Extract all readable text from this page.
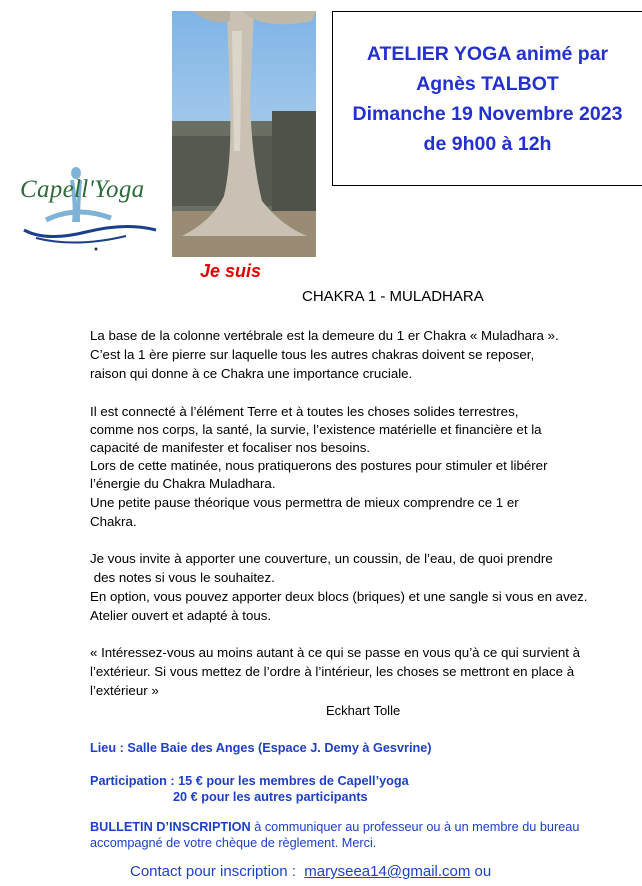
Capell'Yoga
ATELIER YOGA animé par
Agnès TALBOT
Dimanche 19 Novembre 2023
de 9h00 à 12h
Je suis
CHAKRA 1 - MULADHARA
La base de la colonne vertébrale est la demeure du 1 er Chakra « Muladhara ».
C’est la 1 ère pierre sur laquelle tous les autres chakras doivent se reposer,
raison qui donne à ce Chakra une importance cruciale.
Il est connecté à l’élément Terre et à toutes les choses solides terrestres,
comme nos corps, la santé, la survie, l’existence matérielle et financière et la
capacité de manifester et focaliser nos besoins.
Lors de cette matinée, nous pratiquerons des postures pour stimuler et libérer
l’énergie du Chakra Muladhara.
Une petite pause théorique vous permettra de mieux comprendre ce 1 er
Chakra.
Je vous invite à apporter une couverture, un coussin, de l’eau, de quoi prendre
des notes si vous le souhaitez.
En option, vous pouvez apporter deux blocs (briques) et une sangle si vous en avez.
Atelier ouvert et adapté à tous.
« Intéressez-vous au moins autant à ce qui se passe en vous qu’à ce qui survient à
l’extérieur. Si vous mettez de l’ordre à l’intérieur, les choses se mettront en place à
l’extérieur »
Eckhart Tolle
Lieu : Salle Baie des Anges (Espace J. Demy à Gesvrine)
Participation : 15 € pour les membres de Capell’yoga
20 € pour les autres participants
BULLETIN D’INSCRIPTION à communiquer au professeur ou à un membre du bureau
accompagné de votre chèque de règlement. Merci.
Contact pour inscription :  maryseea14@gmail.com ou
